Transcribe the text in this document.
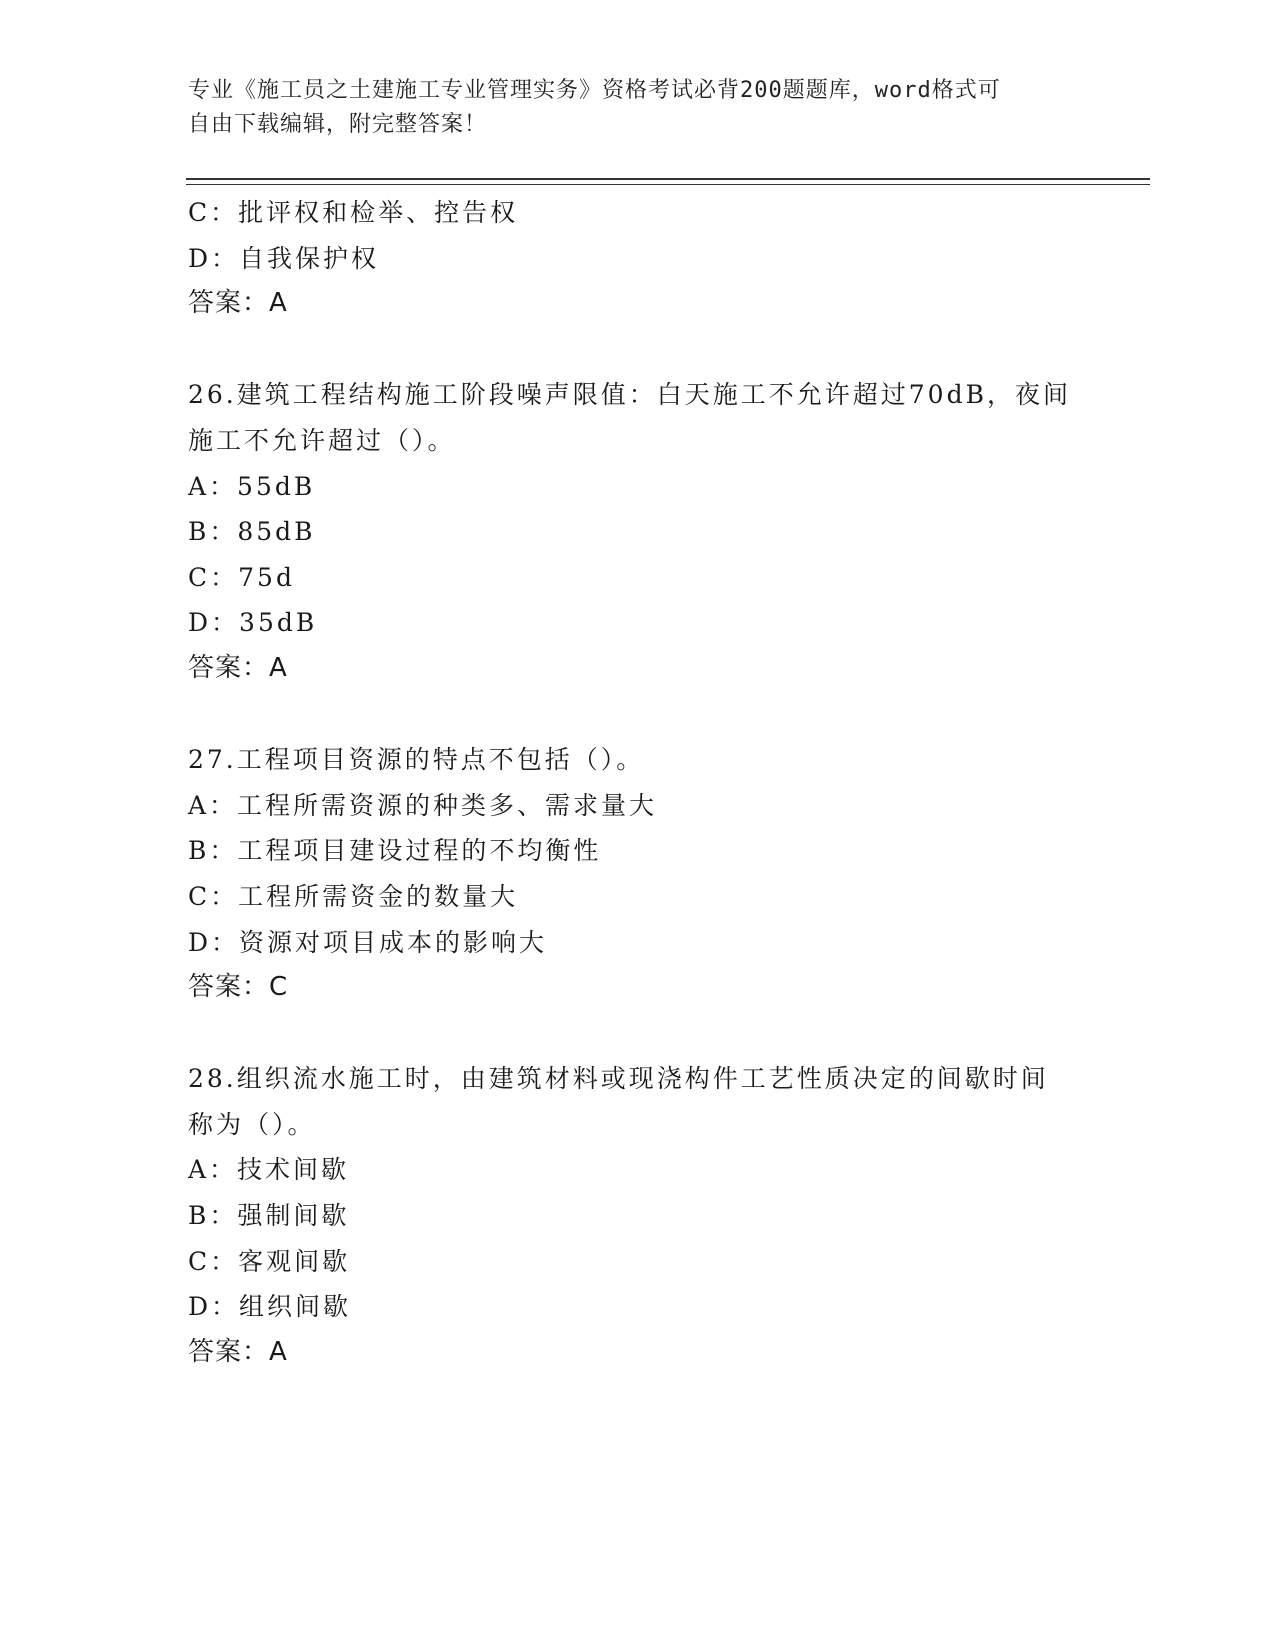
专业《施工员之土建施工专业管理实务》资格考试必背200题题库，word格式可
自由下载编辑，附完整答案！
C：批评权和检举、控告权
D：自我保护权
答案：A
26.建筑工程结构施工阶段噪声限值：白天施工不允许超过70dB，夜间
施工不允许超过（）。
A：55dB
B：85dB
C：75d
D：35dB
答案：A
27.工程项目资源的特点不包括（）。
A：工程所需资源的种类多、需求量大
B：工程项目建设过程的不均衡性
C：工程所需资金的数量大
D：资源对项目成本的影响大
答案：C
28.组织流水施工时，由建筑材料或现浇构件工艺性质决定的间歇时间
称为（）。
A：技术间歇
B：强制间歇
C：客观间歇
D：组织间歇
答案：A
